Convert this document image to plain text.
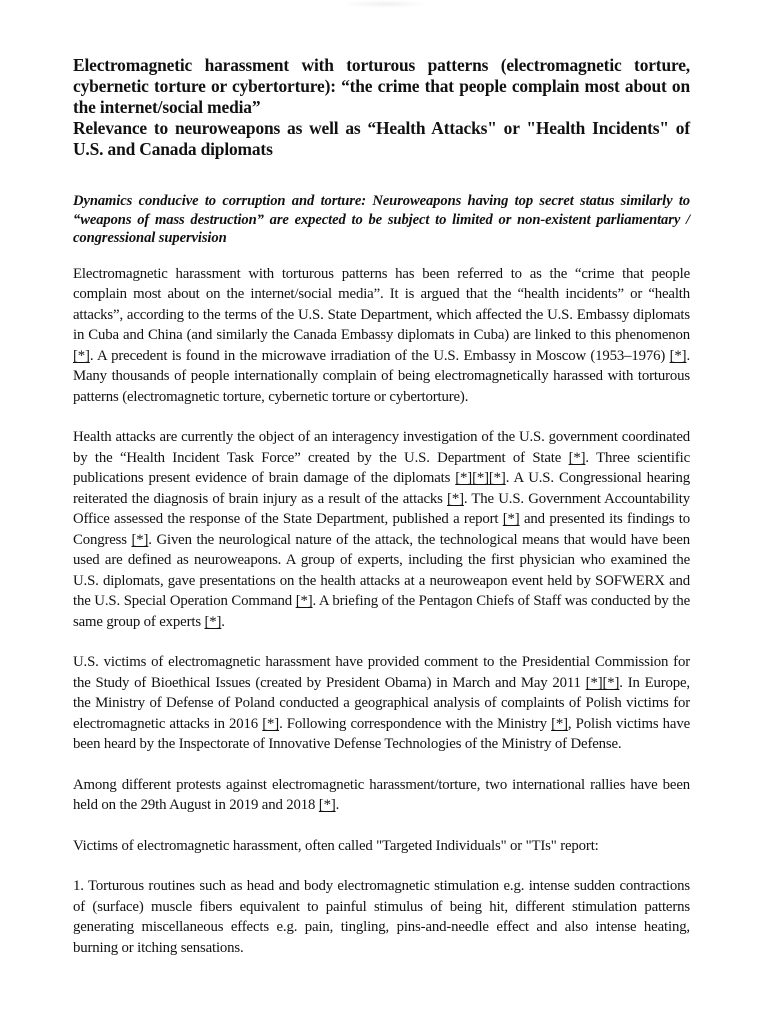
Electromagnetic harassment with torturous patterns (electromagnetic torture, cybernetic torture or cybertorture): “the crime that people complain most about on the internet/social media”
Relevance to neuroweapons as well as “Health Attacks" or "Health Incidents" of U.S. and Canada diplomats

Dynamics conducive to corruption and torture: Neuroweapons having top secret status similarly to “weapons of mass destruction” are expected to be subject to limited or non-existent parliamentary / congressional supervision

Electromagnetic harassment with torturous patterns has been referred to as the “crime that people complain most about on the internet/social media”. It is argued that the “health incidents” or “health attacks”, according to the terms of the U.S. State Department, which affected the U.S. Embassy diplomats in Cuba and China (and similarly the Canada Embassy diplomats in Cuba) are linked to this phenomenon [*]. A precedent is found in the microwave irradiation of the U.S. Embassy in Moscow (1953–1976) [*]. Many thousands of people internationally complain of being electromagnetically harassed with torturous patterns (electromagnetic torture, cybernetic torture or cybertorture).

Health attacks are currently the object of an interagency investigation of the U.S. government coordinated by the “Health Incident Task Force” created by the U.S. Department of State [*]. Three scientific publications present evidence of brain damage of the diplomats [*][*][*]. A U.S. Congressional hearing reiterated the diagnosis of brain injury as a result of the attacks [*]. The U.S. Government Accountability Office assessed the response of the State Department, published a report [*] and presented its findings to Congress [*]. Given the neurological nature of the attack, the technological means that would have been used are defined as neuroweapons. A group of experts, including the first physician who examined the U.S. diplomats, gave presentations on the health attacks at a neuroweapon event held by SOFWERX and the U.S. Special Operation Command [*]. A briefing of the Pentagon Chiefs of Staff was conducted by the same group of experts [*].

U.S. victims of electromagnetic harassment have provided comment to the Presidential Commission for the Study of Bioethical Issues (created by President Obama) in March and May 2011 [*][*]. In Europe, the Ministry of Defense of Poland conducted a geographical analysis of complaints of Polish victims for electromagnetic attacks in 2016 [*]. Following correspondence with the Ministry [*], Polish victims have been heard by the Inspectorate of Innovative Defense Technologies of the Ministry of Defense.

Among different protests against electromagnetic harassment/torture, two international rallies have been held on the 29th August in 2019 and 2018 [*].

Victims of electromagnetic harassment, often called "Targeted Individuals" or "TIs" report:

1. Torturous routines such as head and body electromagnetic stimulation e.g. intense sudden contractions of (surface) muscle fibers equivalent to painful stimulus of being hit, different stimulation patterns generating miscellaneous effects e.g. pain, tingling, pins-and-needle effect and also intense heating, burning or itching sensations.
